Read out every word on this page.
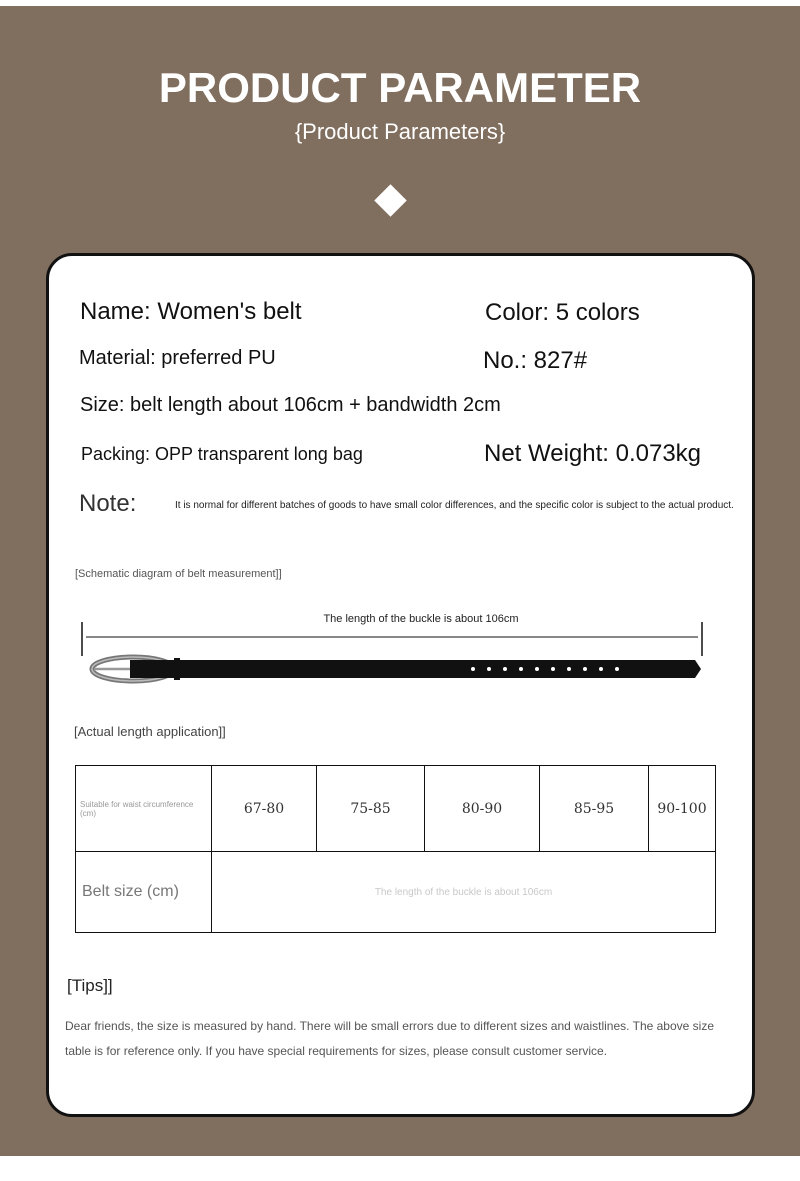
PRODUCT PARAMETER
{Product Parameters}
Name: Women's belt	Color: 5 colors
Material: preferred PU	No.: 827#
Size: belt length about 106cm + bandwidth 2cm
Packing: OPP transparent long bag	Net Weight: 0.073kg
Note:	It is normal for different batches of goods to have small color differences, and the specific color is subject to the actual product.
[Schematic diagram of belt measurement]]
The length of the buckle is about 106cm
[Actual length application]]
Suitable for waist circumference (cm)	67-80	75-85	80-90	85-95	90-100
Belt size (cm)	The length of the buckle is about 106cm				
[Tips]]
Dear friends, the size is measured by hand. There will be small errors due to different sizes and waistlines. The above size table is for reference only. If you have special requirements for sizes, please consult customer service.
